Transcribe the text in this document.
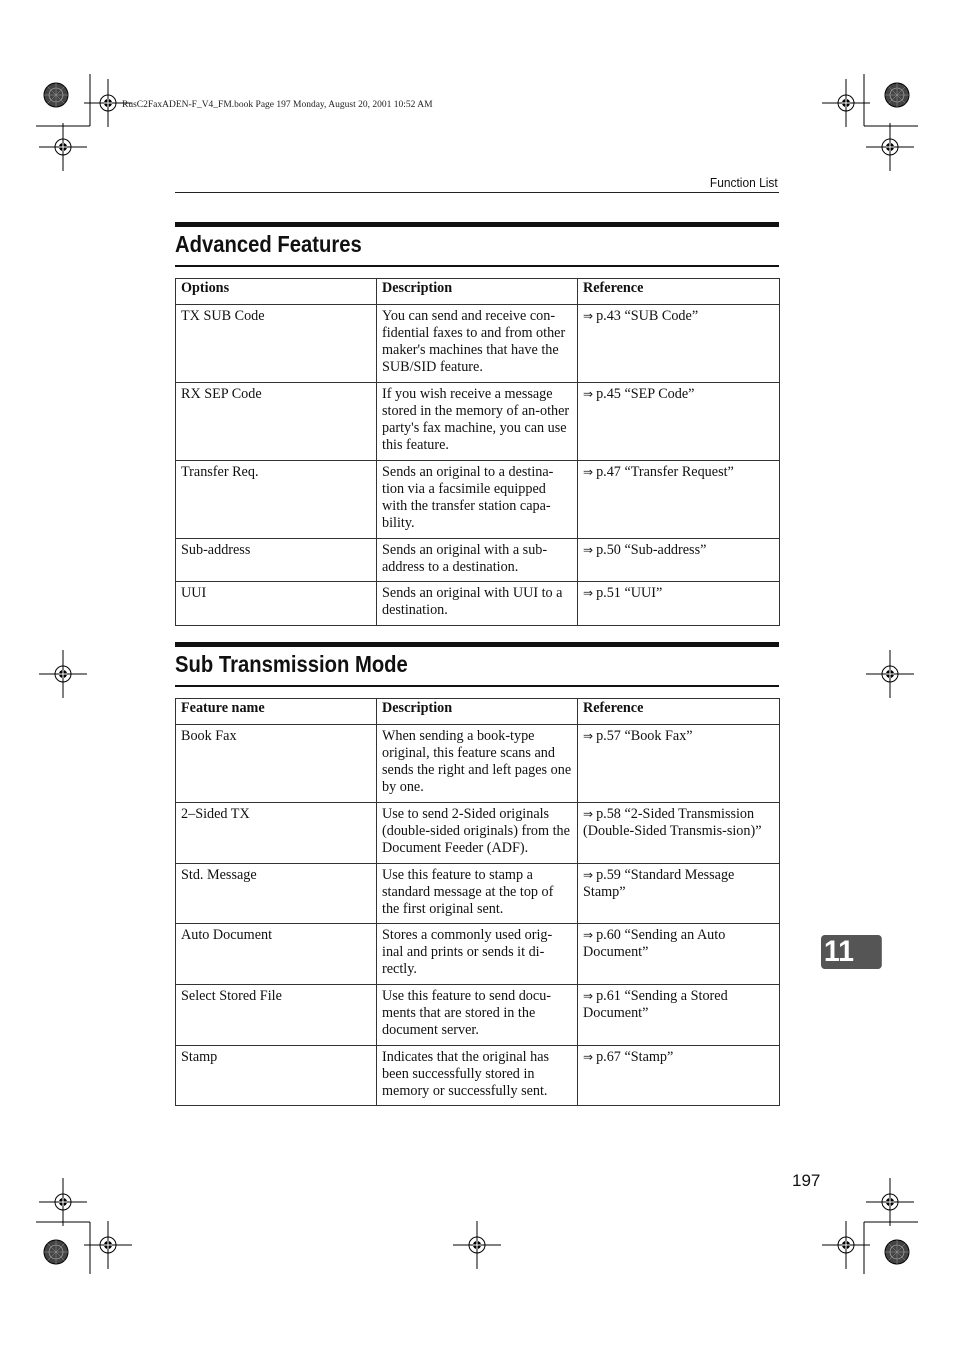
RusC2FaxADEN-F_V4_FM.book Page 197 Monday, August 20, 2001 10:52 AM
Function List
Advanced Features
Options	Description	Reference
TX SUB Code	You can send and receive con-fidential faxes to and from other maker's machines that have the SUB/SID feature.	⇒ p.43 “SUB Code”
RX SEP Code	If you wish receive a message stored in the memory of an-other party's fax machine, you can use this feature.	⇒ p.45 “SEP Code”
Transfer Req.	Sends an original to a destina-tion via a facsimile equipped with the transfer station capa-bility.	⇒ p.47 “Transfer Request”
Sub-address	Sends an original with a sub-address to a destination.	⇒ p.50 “Sub-address”
UUI	Sends an original with UUI to a destination.	⇒ p.51 “UUI”
Sub Transmission Mode
Feature name	Description	Reference
Book Fax	When sending a book-type original, this feature scans and sends the right and left pages one by one.	⇒ p.57 “Book Fax”
2–Sided TX	Use to send 2-Sided originals (double-sided originals) from the Document Feeder (ADF).	⇒ p.58 “2-Sided Transmission (Double-Sided Transmis-sion)”
Std. Message	Use this feature to stamp a standard message at the top of the first original sent.	⇒ p.59 “Standard Message Stamp”
Auto Document	Stores a commonly used orig-inal and prints or sends it di-rectly.	⇒ p.60 “Sending an Auto Document”
Select Stored File	Use this feature to send docu-ments that are stored in the document server.	⇒ p.61 “Sending a Stored Document”
Stamp	Indicates that the original has been successfully stored in memory or successfully sent.	⇒ p.67 “Stamp”
11
197
